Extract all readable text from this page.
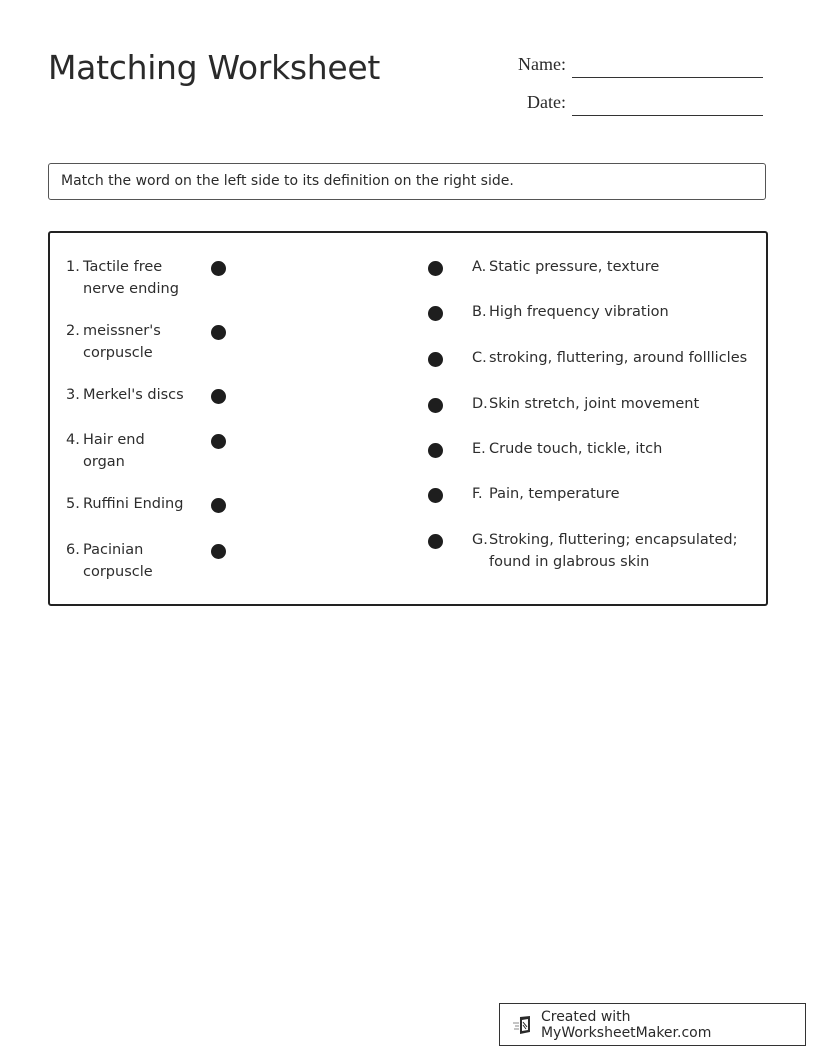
Matching Worksheet	Name:
Date:
Match the word on the left side to its definition on the right side.
1. Tactile free nerve ending
2. meissner's corpuscle
3. Merkel's discs
4. Hair end organ
5. Ruffini Ending
6. Pacinian corpuscle
A. Static pressure, texture
B. High frequency vibration
C. stroking, fluttering, around folllicles
D. Skin stretch, joint movement
E. Crude touch, tickle, itch
F. Pain, temperature
G. Stroking, fluttering; encapsulated; found in glabrous skin
Created with MyWorksheetMaker.com
